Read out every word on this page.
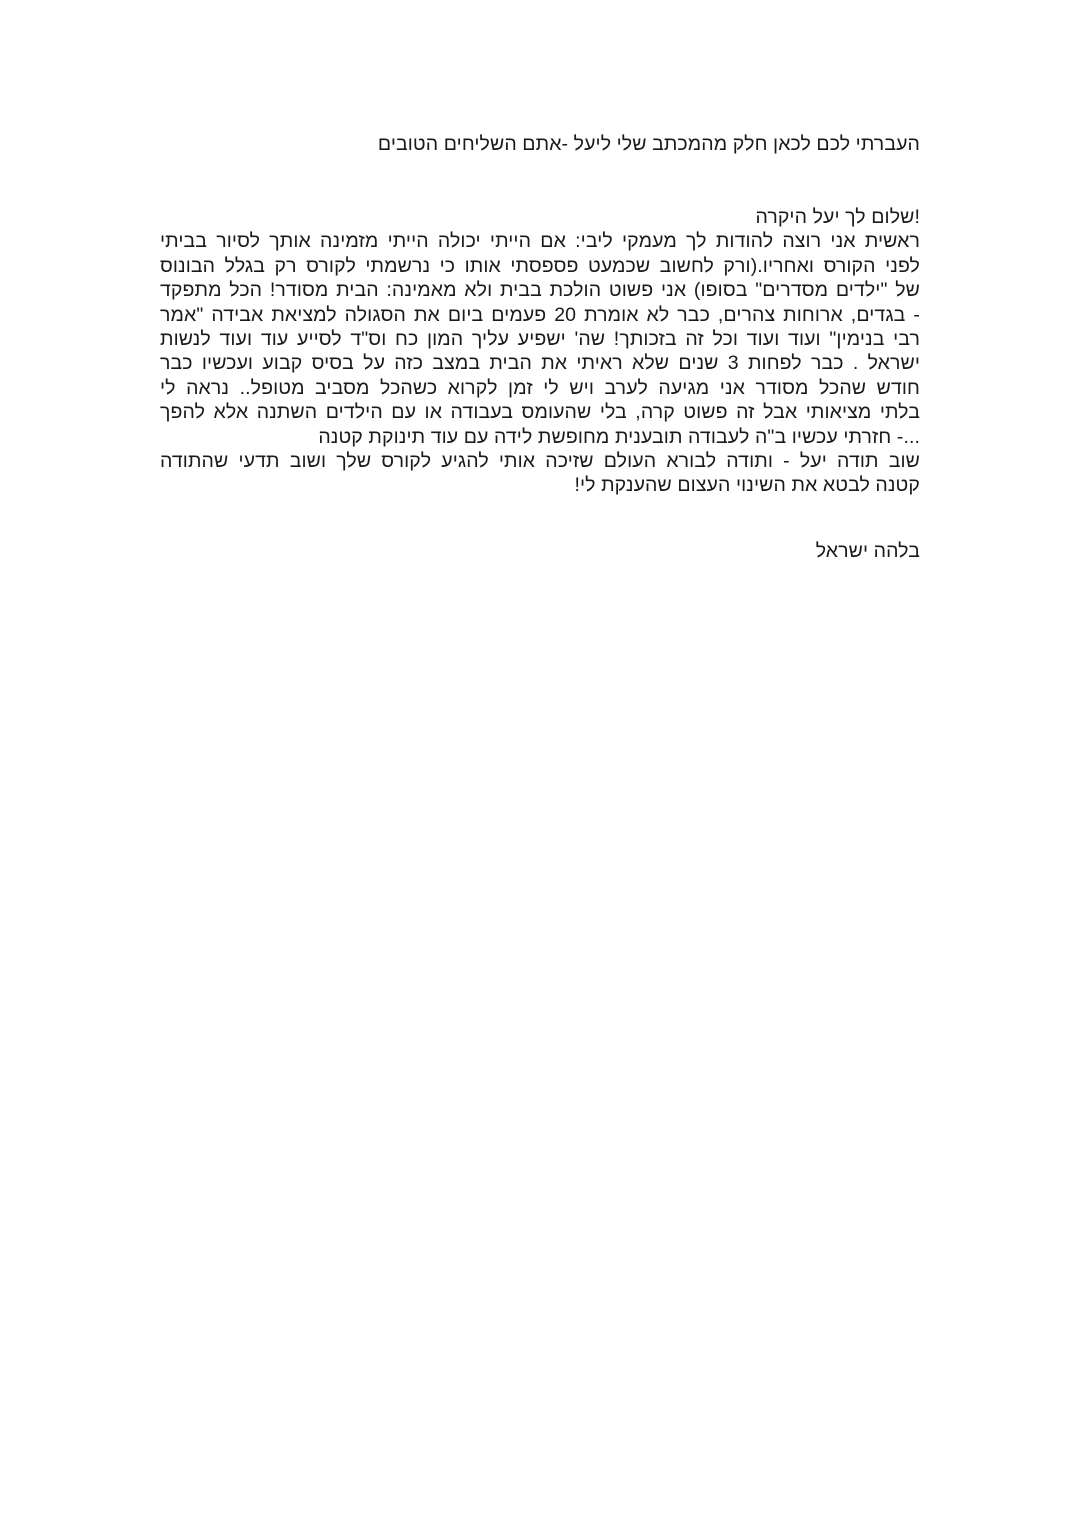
העברתי לכם לכאן חלק מהמכתב שלי ליעל -אתם השליחים הטובים
!שלום לך יעל היקרה
ראשית אני רוצה להודות לך מעמקי ליבי: אם הייתי יכולה הייתי מזמינה אותך לסיור בביתי
לפני הקורס ואחריו.(ורק לחשוב שכמעט פספסתי אותו כי נרשמתי לקורס רק בגלל הבונוס
של "ילדים מסדרים" בסופו) אני פשוט הולכת בבית ולא מאמינה: הבית מסודר! הכל מתפקד
- בגדים, ארוחות צהרים, כבר לא אומרת 20 פעמים ביום את הסגולה למציאת אבידה "אמר
רבי בנימין" ועוד ועוד וכל זה בזכותך! שה' ישפיע עליך המון כח וס"ד לסייע עוד ועוד לנשות
ישראל . כבר לפחות 3 שנים שלא ראיתי את הבית במצב כזה על בסיס קבוע ועכשיו כבר
חודש שהכל מסודר אני מגיעה לערב ויש לי זמן לקרוא כשהכל מסביב מטופל.. נראה לי
בלתי מציאותי אבל זה פשוט קרה, בלי שהעומס בעבודה או עם הילדים השתנה אלא להפך
...- חזרתי עכשיו ב"ה לעבודה תובענית מחופשת לידה עם עוד תינוקת קטנה
שוב תודה יעל - ותודה לבורא העולם שזיכה אותי להגיע לקורס שלך ושוב תדעי שהתודה
קטנה לבטא את השינוי העצום שהענקת לי!
בלהה ישראל
